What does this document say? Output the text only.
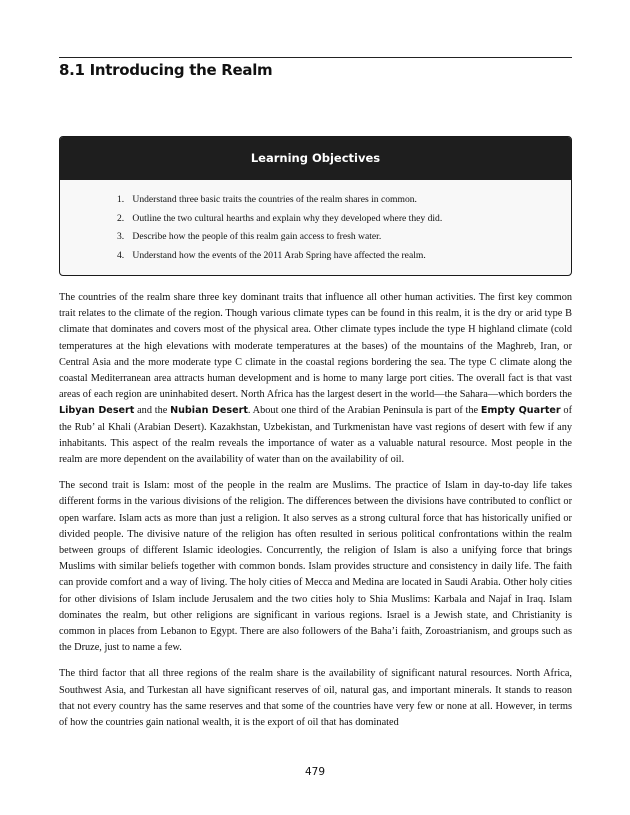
8.1 Introducing the Realm
Learning Objectives
1. Understand three basic traits the countries of the realm shares in common.
2. Outline the two cultural hearths and explain why they developed where they did.
3. Describe how the people of this realm gain access to fresh water.
4. Understand how the events of the 2011 Arab Spring have affected the realm.

The countries of the realm share three key dominant traits that influence all other human activities. The first key common trait relates to the climate of the region. Though various climate types can be found in this realm, it is the dry or arid type B climate that dominates and covers most of the physical area. Other climate types include the type H highland climate (cold temperatures at the high elevations with moderate temperatures at the bases) of the mountains of the Maghreb, Iran, or Central Asia and the more moderate type C climate in the coastal regions bordering the sea. The type C climate along the coastal Mediterranean area attracts human development and is home to many large port cities. The overall fact is that vast areas of each region are uninhabited desert. North Africa has the largest desert in the world—the Sahara—which borders the Libyan Desert and the Nubian Desert. About one third of the Arabian Peninsula is part of the Empty Quarter of the Rub’ al Khali (Arabian Desert). Kazakhstan, Uzbekistan, and Turkmenistan have vast regions of desert with few if any inhabitants. This aspect of the realm reveals the importance of water as a valuable natural resource. Most people in the realm are more dependent on the availability of water than on the availability of oil.

The second trait is Islam: most of the people in the realm are Muslims. The practice of Islam in day-to-day life takes different forms in the various divisions of the religion. The differences between the divisions have contributed to conflict or open warfare. Islam acts as more than just a religion. It also serves as a strong cultural force that has historically unified or divided people. The divisive nature of the religion has often resulted in serious political confrontations within the realm between groups of different Islamic ideologies. Concurrently, the religion of Islam is also a unifying force that brings Muslims with similar beliefs together with common bonds. Islam provides structure and consistency in daily life. The faith can provide comfort and a way of living. The holy cities of Mecca and Medina are located in Saudi Arabia. Other holy cities for other divisions of Islam include Jerusalem and the two cities holy to Shia Muslims: Karbala and Najaf in Iraq. Islam dominates the realm, but other religions are significant in various regions. Israel is a Jewish state, and Christianity is common in places from Lebanon to Egypt. There are also followers of the Baha’i faith, Zoroastrianism, and groups such as the Druze, just to name a few.

The third factor that all three regions of the realm share is the availability of significant natural resources. North Africa, Southwest Asia, and Turkestan all have significant reserves of oil, natural gas, and important minerals. It stands to reason that not every country has the same reserves and that some of the countries have very few or none at all. However, in terms of how the countries gain national wealth, it is the export of oil that has dominated

479
